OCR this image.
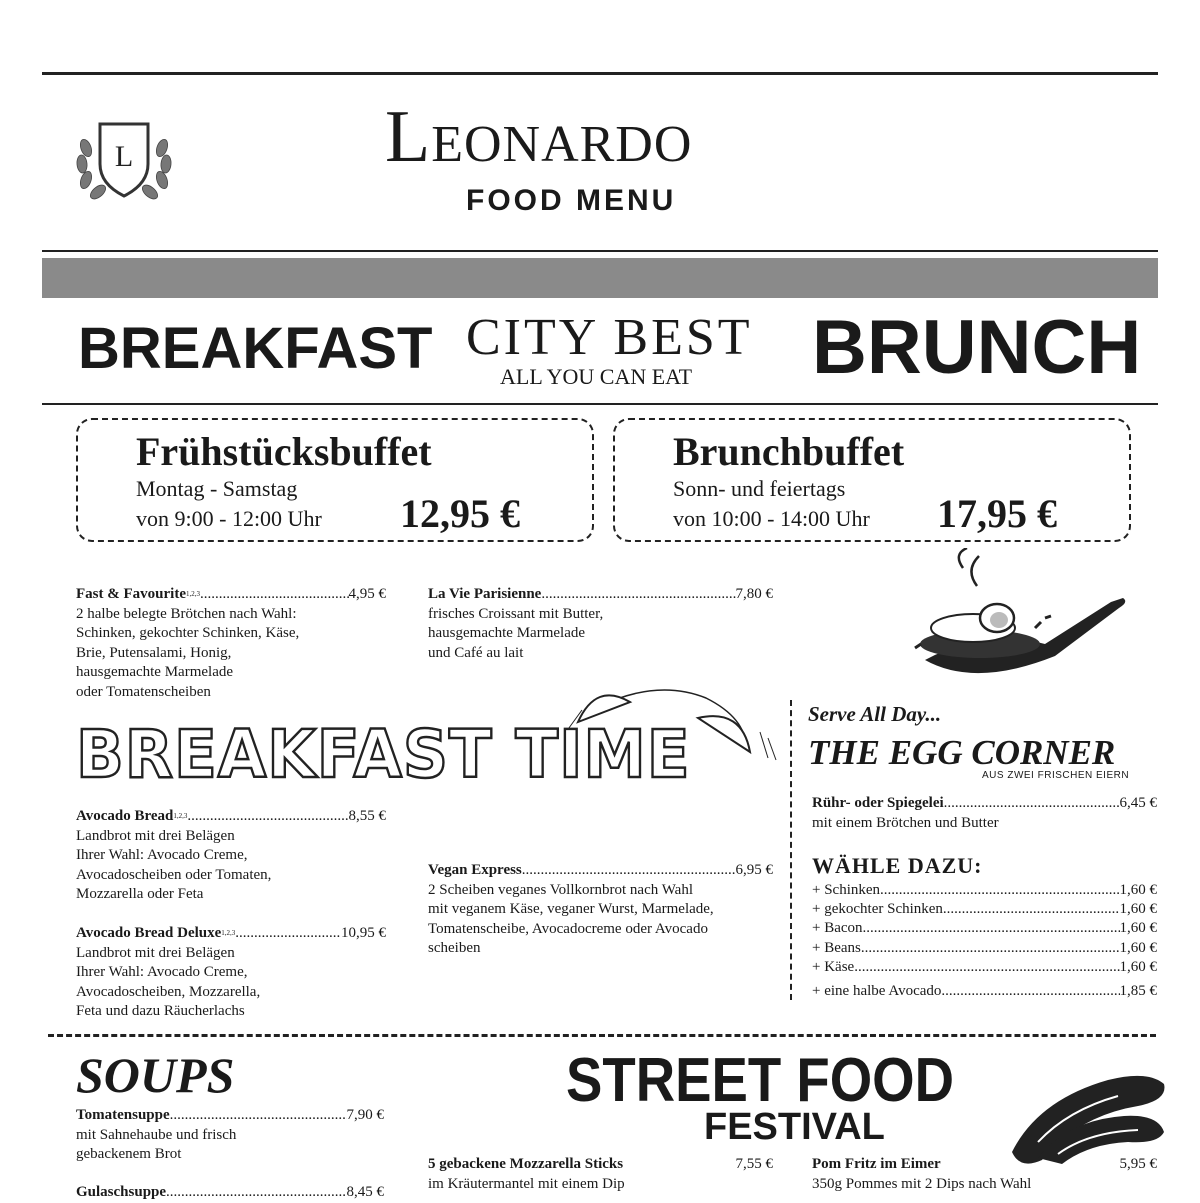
L	Leonardo
FOOD MENU
BREAKFAST CITY BEST
ALL YOU CAN EAT BRUNCH
Frühstücksbuffet
Montag - Samstag
von 9:00 - 12:00 Uhr 12,95 €
Brunchbuffet
Sonn- und feiertags
von 10:00 - 14:00 Uhr 17,95 €
Fast & Favourite 1,2,3 .....	4,95 €
2 halbe belegte Brötchen nach Wahl:
Schinken, gekochter Schinken, Käse,
Brie, Putensalami, Honig,
hausgemachte Marmelade
oder Tomatenscheiben
La Vie Parisienne .....	7,80 €
frisches Croissant mit Butter,
hausgemachte Marmelade
und Café au lait
BREAKFAST TIME
Avocado Bread 1,2,3 .....	8,55 €
Landbrot mit drei Belägen
Ihrer Wahl: Avocado Creme,
Avocadoscheiben oder Tomaten,
Mozzarella oder Feta
Avocado Bread Deluxe 1,2,3 .....	10,95 €
Landbrot mit drei Belägen
Ihrer Wahl: Avocado Creme,
Avocadoscheiben, Mozzarella,
Feta und dazu Räucherlachs
Vegan Express .....	6,95 €
2 Scheiben veganes Vollkornbrot nach Wahl
mit veganem Käse, veganer Wurst, Marmelade,
Tomatenscheibe, Avocadocreme oder Avocado
scheiben
Serve All Day...
THE EGG CORNER
AUS ZWEI FRISCHEN EIERN
Rühr- oder Spiegelei .....	6,45 €
mit einem Brötchen und Butter
WÄHLE DAZU:
+ Schinken .....	1,60 €
+ gekochter Schinken .....	1,60 €
+ Bacon .....	1,60 €
+ Beans .....	1,60 €
+ Käse .....	1,60 €
+ eine halbe Avocado .....	1,85 €
SOUPS
Tomatensuppe .....	7,90 €
mit Sahnehaube und frisch
gebackenem Brot
Gulaschsuppe .....	8,45 €
STREET FOOD
FESTIVAL
5 gebackene Mozzarella Sticks	7,55 €
im Kräutermantel mit einem Dip
Pom Fritz im Eimer	5,95 €
350g Pommes mit 2 Dips nach Wahl
